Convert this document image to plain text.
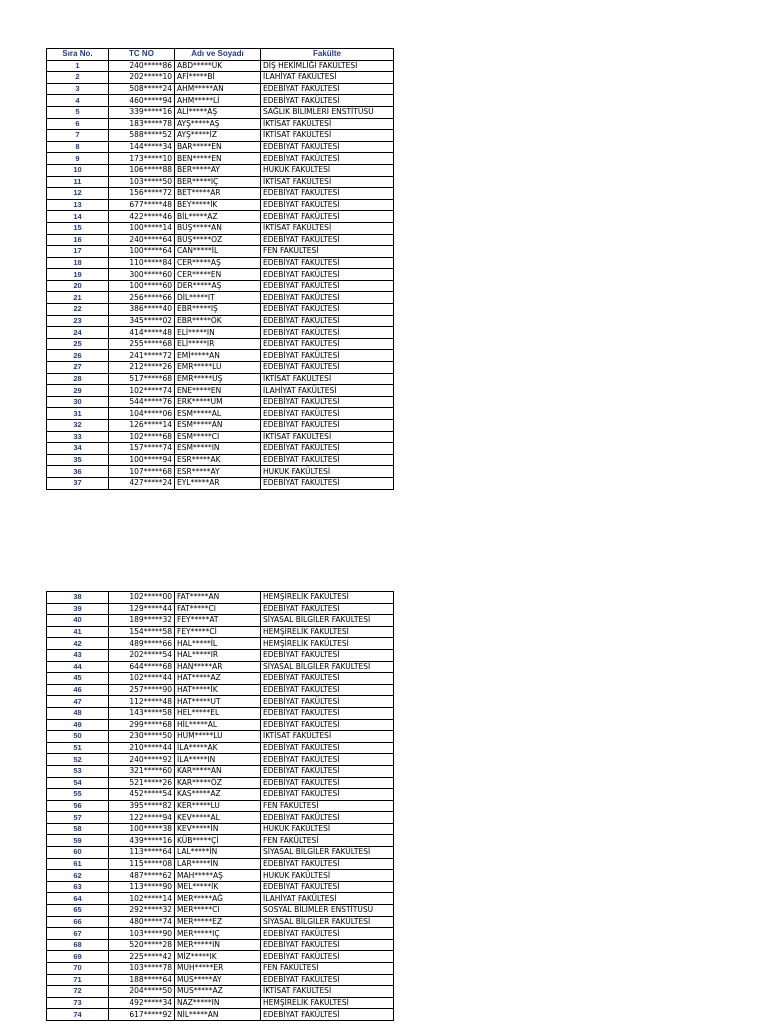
Sıra No.	TC NO	Adı ve Soyadı	Fakülte
1	240*****86	ABD*****ÜK	DİŞ HEKİMLİĞİ FAKÜLTESİ
2	202*****10	AFİ*****Bİ	İLAHİYAT FAKÜLTESİ
3	508*****24	AHM*****AN	EDEBİYAT FAKÜLTESİ
4	460*****94	AHM*****Lİ	EDEBİYAT FAKÜLTESİ
5	339*****16	ALİ*****AŞ	SAĞLIK BİLİMLERİ ENSTİTÜSÜ
6	183*****78	AYŞ*****AŞ	İKTİSAT FAKÜLTESİ
7	588*****52	AYŞ*****İZ	İKTİSAT FAKÜLTESİ
8	144*****34	BAR*****EN	EDEBİYAT FAKÜLTESİ
9	173*****10	BEN*****EN	EDEBİYAT FAKÜLTESİ
10	106*****88	BER*****AY	HUKUK FAKÜLTESİ
11	103*****50	BER*****IÇ	İKTİSAT FAKÜLTESİ
12	156*****72	BET*****AR	EDEBİYAT FAKÜLTESİ
13	677*****48	BEY*****İK	EDEBİYAT FAKÜLTESİ
14	422*****46	BİL*****AZ	EDEBİYAT FAKÜLTESİ
15	100*****14	BÜŞ*****AN	İKTİSAT FAKÜLTESİ
16	240*****64	BÜŞ*****OZ	EDEBİYAT FAKÜLTESİ
17	100*****64	CAN*****İL	FEN FAKÜLTESİ
18	110*****84	CER*****AŞ	EDEBİYAT FAKÜLTESİ
19	300*****60	CER*****EN	EDEBİYAT FAKÜLTESİ
20	100*****60	DER*****AŞ	EDEBİYAT FAKÜLTESİ
21	256*****66	DİL*****IT	EDEBİYAT FAKÜLTESİ
22	386*****40	EBR*****IŞ	EDEBİYAT FAKÜLTESİ
23	345*****02	EBR*****ÖK	EDEBİYAT FAKÜLTESİ
24	414*****48	ELİ*****IN	EDEBİYAT FAKÜLTESİ
25	255*****68	ELİ*****IR	EDEBİYAT FAKÜLTESİ
26	241*****72	EMİ*****AN	EDEBİYAT FAKÜLTESİ
27	212*****26	EMR*****LU	EDEBİYAT FAKÜLTESİ
28	517*****68	EMR*****UŞ	İKTİSAT FAKÜLTESİ
29	102*****74	ENE*****EN	İLAHİYAT FAKÜLTESİ
30	544*****76	ERK*****UM	EDEBİYAT FAKÜLTESİ
31	104*****06	ESM*****AL	EDEBİYAT FAKÜLTESİ
32	126*****14	ESM*****AN	EDEBİYAT FAKÜLTESİ
33	102*****68	ESM*****CI	İKTİSAT FAKÜLTESİ
34	157*****74	ESM*****IN	EDEBİYAT FAKÜLTESİ
35	100*****94	ESR*****AK	EDEBİYAT FAKÜLTESİ
36	107*****68	ESR*****AY	HUKUK FAKÜLTESİ
37	427*****24	EYL*****AR	EDEBİYAT FAKÜLTESİ
38	102*****00	FAT*****AN	HEMŞİRELİK FAKÜLTESİ
39	129*****44	FAT*****CI	EDEBİYAT FAKÜLTESİ
40	189*****32	FEY*****AT	SİYASAL BİLGİLER FAKÜLTESİ
41	154*****58	FEY*****Cİ	HEMŞİRELİK FAKÜLTESİ
42	489*****66	HAL*****İL	HEMŞİRELİK FAKÜLTESİ
43	202*****54	HAL*****IR	EDEBİYAT FAKÜLTESİ
44	644*****68	HAN*****AR	SİYASAL BİLGİLER FAKÜLTESİ
45	102*****44	HAT*****AZ	EDEBİYAT FAKÜLTESİ
46	257*****90	HAT*****İK	EDEBİYAT FAKÜLTESİ
47	112*****48	HAT*****UT	EDEBİYAT FAKÜLTESİ
48	143*****58	HEL*****EL	EDEBİYAT FAKÜLTESİ
49	299*****68	HİL*****AL	EDEBİYAT FAKÜLTESİ
50	230*****50	HÜM*****LU	İKTİSAT FAKÜLTESİ
51	210*****44	İLA*****AK	EDEBİYAT FAKÜLTESİ
52	240*****92	İLA*****IN	EDEBİYAT FAKÜLTESİ
53	321*****60	KAR*****AN	EDEBİYAT FAKÜLTESİ
54	521*****26	KAR*****ÖZ	EDEBİYAT FAKÜLTESİ
55	452*****54	KAS*****AZ	EDEBİYAT FAKÜLTESİ
56	395*****82	KER*****LU	FEN FAKÜLTESİ
57	122*****94	KEV*****AL	EDEBİYAT FAKÜLTESİ
58	100*****38	KEV*****İN	HUKUK FAKÜLTESİ
59	439*****16	KÜB*****Çİ	FEN FAKÜLTESİ
60	113*****64	LAL*****İN	SİYASAL BİLGİLER FAKÜLTESİ
61	115*****08	LAR*****İN	EDEBİYAT FAKÜLTESİ
62	487*****62	MAH*****AŞ	HUKUK FAKÜLTESİ
63	113*****90	MEL*****İK	EDEBİYAT FAKÜLTESİ
64	102*****14	MER*****AĞ	İLAHİYAT FAKÜLTESİ
65	292*****32	MER*****CI	SOSYAL BİLİMLER ENSTİTÜSÜ
66	480*****74	MER*****EZ	SİYASAL BİLGİLER FAKÜLTESİ
67	103*****90	MER*****IÇ	EDEBİYAT FAKÜLTESİ
68	520*****28	MER*****IN	EDEBİYAT FAKÜLTESİ
69	225*****42	MİZ*****IK	EDEBİYAT FAKÜLTESİ
70	103*****78	MUH*****ER	FEN FAKÜLTESİ
71	188*****64	MUS*****AY	EDEBİYAT FAKÜLTESİ
72	204*****50	MUS*****AZ	İKTİSAT FAKÜLTESİ
73	492*****34	NAZ*****IN	HEMŞİRELİK FAKÜLTESİ
74	617*****92	NİL*****AN	EDEBİYAT FAKÜLTESİ
